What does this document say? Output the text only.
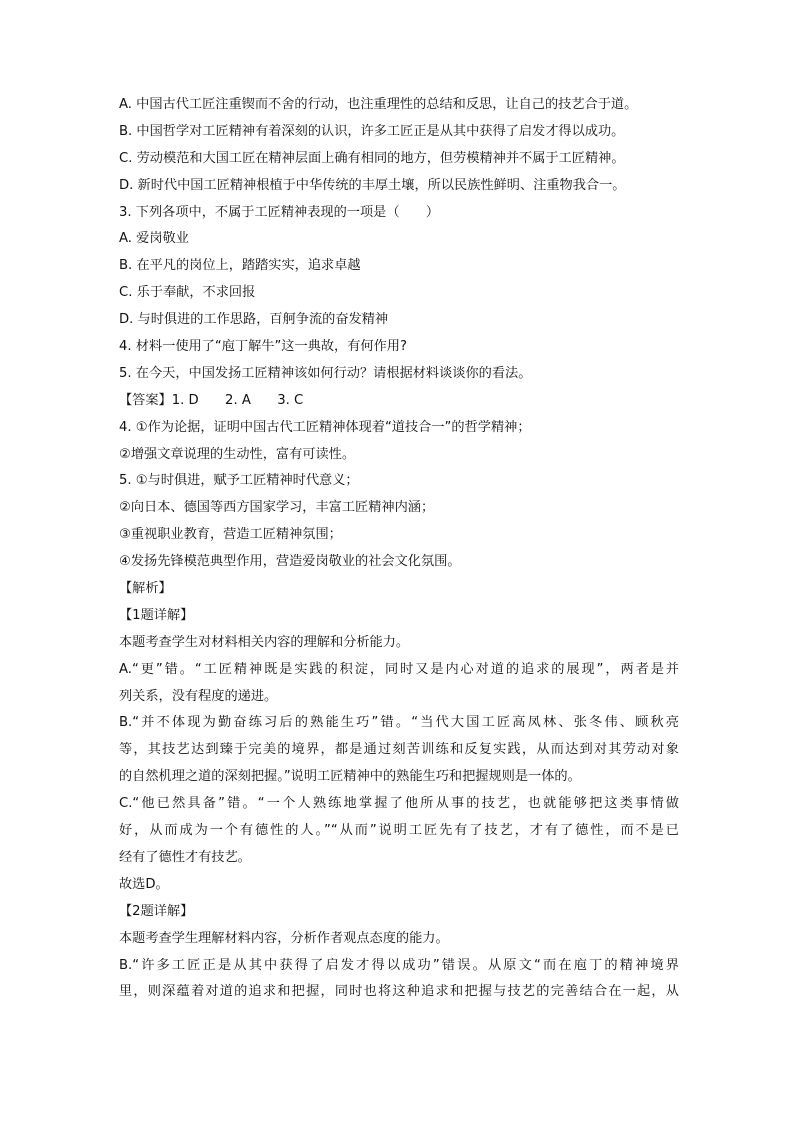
A. 中国古代工匠注重锲而不舍的行动，也注重理性的总结和反思，让自己的技艺合于道。
B. 中国哲学对工匠精神有着深刻的认识，许多工匠正是从其中获得了启发才得以成功。
C. 劳动模范和大国工匠在精神层面上确有相同的地方，但劳模精神并不属于工匠精神。
D. 新时代中国工匠精神根植于中华传统的丰厚土壤，所以民族性鲜明、注重物我合一。
3. 下列各项中，不属于工匠精神表现的一项是（　　）
A. 爱岗敬业
B. 在平凡的岗位上，踏踏实实，追求卓越
C. 乐于奉献，不求回报
D. 与时俱进的工作思路，百舸争流的奋发精神
4. 材料一使用了“庖丁解牛”这一典故，有何作用?
5. 在今天，中国发扬工匠精神该如何行动？请根据材料谈谈你的看法。
【答案】1. D　　2. A　　3. C
4. ①作为论据，证明中国古代工匠精神体现着“道技合一”的哲学精神；
②增强文章说理的生动性，富有可读性。
5. ①与时俱进，赋予工匠精神时代意义；
②向日本、德国等西方国家学习，丰富工匠精神内涵；
③重视职业教育，营造工匠精神氛围；
④发扬先锋模范典型作用，营造爱岗敬业的社会文化氛围。
【解析】
【1题详解】
本题考查学生对材料相关内容的理解和分析能力。
A.“更”错。“工匠精神既是实践的积淀，同时又是内心对道的追求的展现”，两者是并
列关系，没有程度的递进。
B.“并不体现为勤奋练习后的熟能生巧”错。“当代大国工匠高凤林、张冬伟、顾秋亮
等，其技艺达到臻于完美的境界，都是通过刻苦训练和反复实践，从而达到对其劳动对象
的自然机理之道的深刻把握。”说明工匠精神中的熟能生巧和把握规则是一体的。
C.“他已然具备”错。“一个人熟练地掌握了他所从事的技艺，也就能够把这类事情做
好，从而成为一个有德性的人。”“从而”说明工匠先有了技艺，才有了德性，而不是已
经有了德性才有技艺。
故选D。
【2题详解】
本题考查学生理解材料内容，分析作者观点态度的能力。
B.“许多工匠正是从其中获得了启发才得以成功”错误。从原文“而在庖丁的精神境界
里，则深蕴着对道的追求和把握，同时也将这种追求和把握与技艺的完善结合在一起，从
